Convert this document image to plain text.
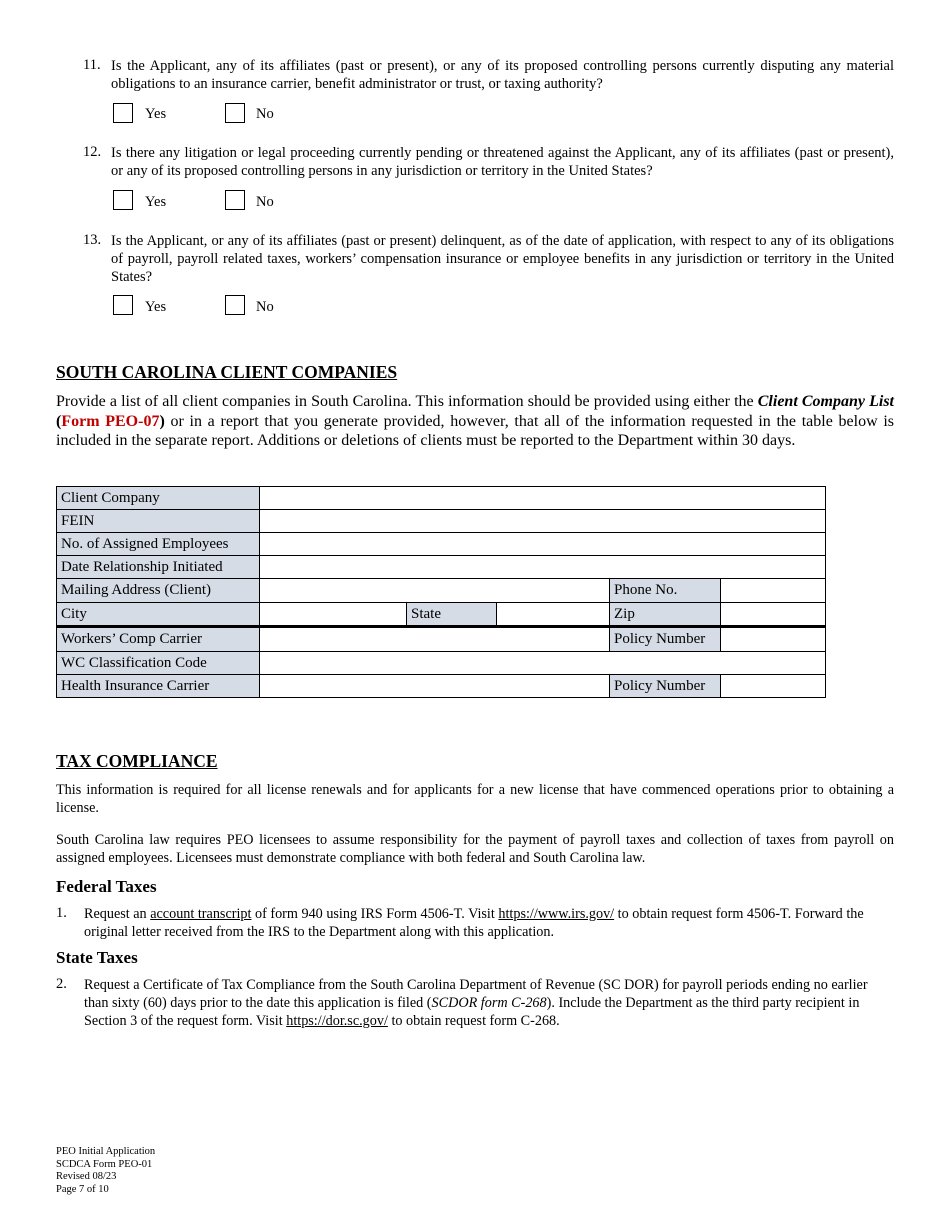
11. Is the Applicant, any of its affiliates (past or present), or any of its proposed controlling persons currently disputing any material obligations to an insurance carrier, benefit administrator or trust, or taxing authority?
Yes	No
12. Is there any litigation or legal proceeding currently pending or threatened against the Applicant, any of its affiliates (past or present), or any of its proposed controlling persons in any jurisdiction or territory in the United States?
Yes	No
13. Is the Applicant, or any of its affiliates (past or present) delinquent, as of the date of application, with respect to any of its obligations of payroll, payroll related taxes, workers’ compensation insurance or employee benefits in any jurisdiction or territory in the United States?
Yes	No
SOUTH CAROLINA CLIENT COMPANIES
Provide a list of all client companies in South Carolina. This information should be provided using either the Client Company List (Form PEO-07) or in a report that you generate provided, however, that all of the information requested in the table below is included in the separate report. Additions or deletions of clients must be reported to the Department within 30 days.
Client Company
FEIN
No. of Assigned Employees
Date Relationship Initiated
Mailing Address (Client)	Phone No.
City	State	Zip
Workers’ Comp Carrier	Policy Number
WC Classification Code
Health Insurance Carrier	Policy Number
TAX COMPLIANCE
This information is required for all license renewals and for applicants for a new license that have commenced operations prior to obtaining a license.
South Carolina law requires PEO licensees to assume responsibility for the payment of payroll taxes and collection of taxes from payroll on assigned employees. Licensees must demonstrate compliance with both federal and South Carolina law.
Federal Taxes
1. Request an account transcript of form 940 using IRS Form 4506-T. Visit https://www.irs.gov/ to obtain request form 4506-T. Forward the original letter received from the IRS to the Department along with this application.
State Taxes
2. Request a Certificate of Tax Compliance from the South Carolina Department of Revenue (SC DOR) for payroll periods ending no earlier than sixty (60) days prior to the date this application is filed (SCDOR form C-268). Include the Department as the third party recipient in Section 3 of the request form. Visit https://dor.sc.gov/ to obtain request form C-268.
PEO Initial Application
SCDCA Form PEO-01
Revised 08/23
Page 7 of 10
